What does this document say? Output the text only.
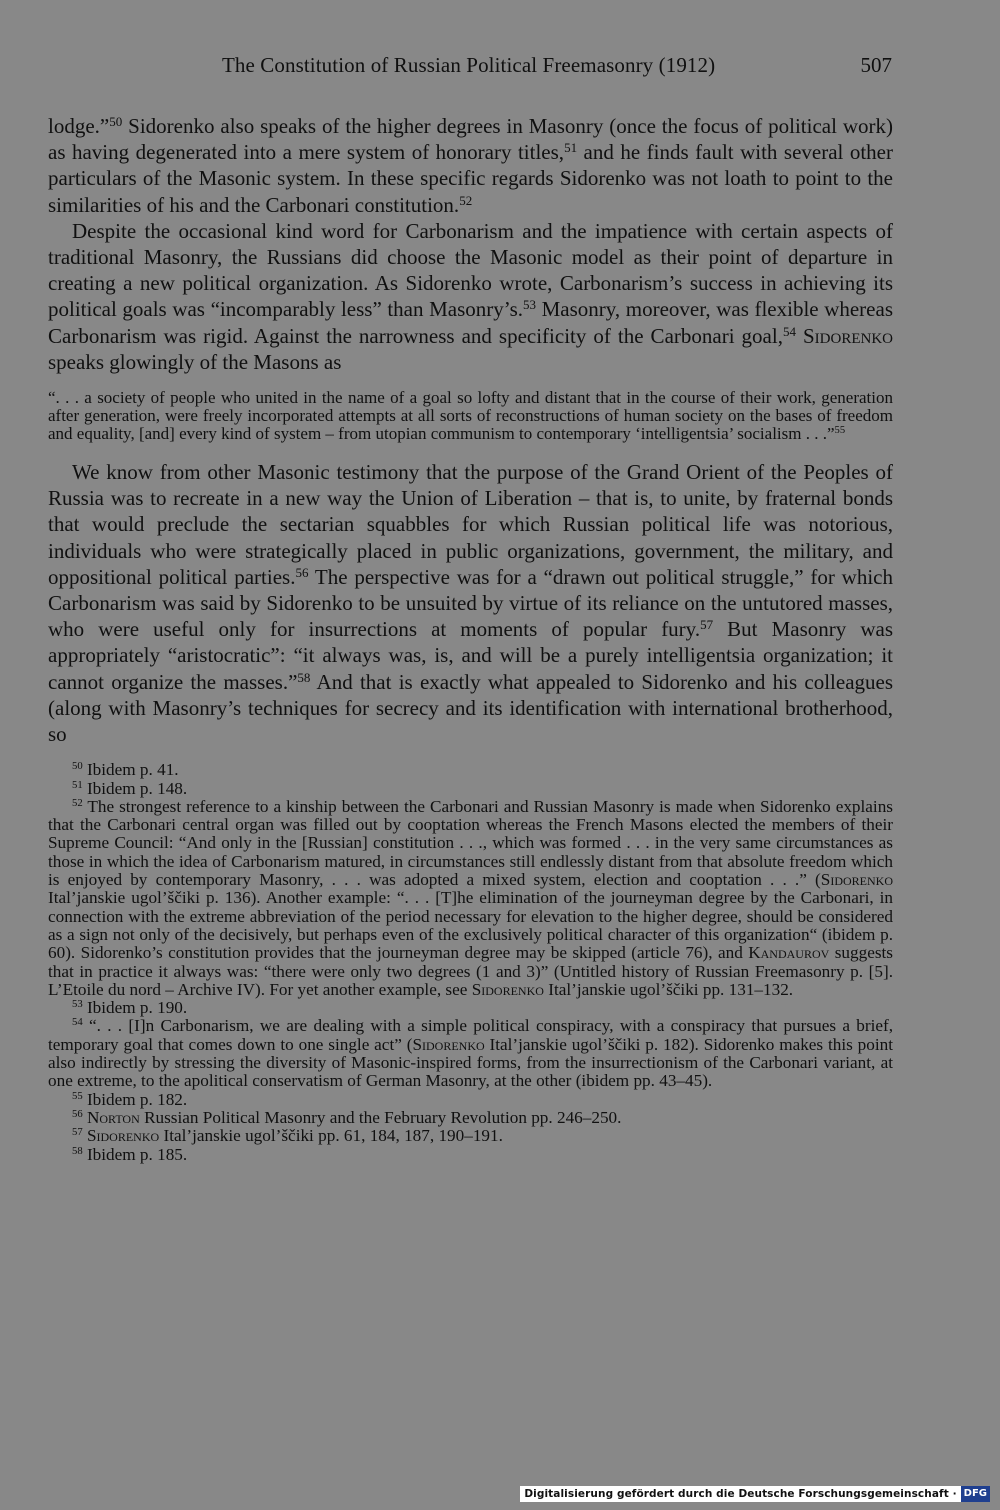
The Constitution of Russian Political Freemasonry (1912)	507

lodge.”$^{50}$ Sidorenko also speaks of the higher degrees in Masonry (once the focus of political work) as having degenerated into a mere system of honorary titles,$^{51}$ and he finds fault with several other particulars of the Masonic system. In these specific regards Sidorenko was not loath to point to the similarities of his and the Carbonari constitution.$^{52}$

Despite the occasional kind word for Carbonarism and the impatience with certain aspects of traditional Masonry, the Russians did choose the Masonic model as their point of departure in creating a new political organization. As Sidorenko wrote, Carbonarism’s success in achieving its political goals was “incomparably less” than Masonry’s.$^{53}$ Masonry, moreover, was flexible whereas Carbonarism was rigid. Against the narrowness and specificity of the Carbonari goal,$^{54}$ Sidorenko speaks glowingly of the Masons as

“. . . a society of people who united in the name of a goal so lofty and distant that in the course of their work, generation after generation, were freely incorporated attempts at all sorts of reconstructions of human society on the bases of freedom and equality, [and] every kind of system – from utopian communism to contemporary ‘intelligentsia’ socialism . . .”$^{55}$

We know from other Masonic testimony that the purpose of the Grand Orient of the Peoples of Russia was to recreate in a new way the Union of Liberation – that is, to unite, by fraternal bonds that would preclude the sectarian squabbles for which Russian political life was notorious, individuals who were strategically placed in public organizations, government, the military, and oppositional political parties.$^{56}$ The perspective was for a “drawn out political struggle,” for which Carbonarism was said by Sidorenko to be unsuited by virtue of its reliance on the untutored masses, who were useful only for insurrections at moments of popular fury.$^{57}$ But Masonry was appropriately “aristocratic”: “it always was, is, and will be a purely intelligentsia organization; it cannot organize the masses.”$^{58}$ And that is exactly what appealed to Sidorenko and his colleagues (along with Masonry’s techniques for secrecy and its identification with international brotherhood, so

$^{50}$ Ibidem p. 41.

$^{51}$ Ibidem p. 148.

$^{52}$ The strongest reference to a kinship between the Carbonari and Russian Masonry is made when Sidorenko explains that the Carbonari central organ was filled out by cooptation whereas the French Masons elected the members of their Supreme Council: “And only in the [Russian] constitution . . ., which was formed . . . in the very same circumstances as those in which the idea of Carbonarism matured, in circumstances still endlessly distant from that absolute freedom which is enjoyed by contemporary Masonry, . . . was adopted a mixed system, election and cooptation . . .” (Sidorenko Ital’janskie ugol’ščiki p. 136). Another example: “. . . [T]he elimination of the journeyman degree by the Carbonari, in connection with the extreme abbreviation of the period necessary for elevation to the higher degree, should be considered as a sign not only of the decisively, but perhaps even of the exclusively political character of this organization“ (ibidem p. 60). Sidorenko’s constitution provides that the journeyman degree may be skipped (article 76), and Kandaurov suggests that in practice it always was: “there were only two degrees (1 and 3)” (Untitled history of Russian Freemasonry p. [5]. L’Etoile du nord – Archive IV). For yet another example, see Sidorenko Ital’janskie ugol’ščiki pp. 131–132.

$^{53}$ Ibidem p. 190.

$^{54}$ “. . . [I]n Carbonarism, we are dealing with a simple political conspiracy, with a conspiracy that pursues a brief, temporary goal that comes down to one single act” (Sidorenko Ital’janskie ugol’ščiki p. 182). Sidorenko makes this point also indirectly by stressing the diversity of Masonic-inspired forms, from the insurrectionism of the Carbonari variant, at one extreme, to the apolitical conservatism of German Masonry, at the other (ibidem pp. 43–45).

$^{55}$ Ibidem p. 182.

$^{56}$ Norton Russian Political Masonry and the February Revolution pp. 246–250.

$^{57}$ Sidorenko Ital’janskie ugol’ščiki pp. 61, 184, 187, 190–191.

$^{58}$ Ibidem p. 185.

Digitalisierung gefördert durch die Deutsche Forschungsgemeinschaft · DFG
